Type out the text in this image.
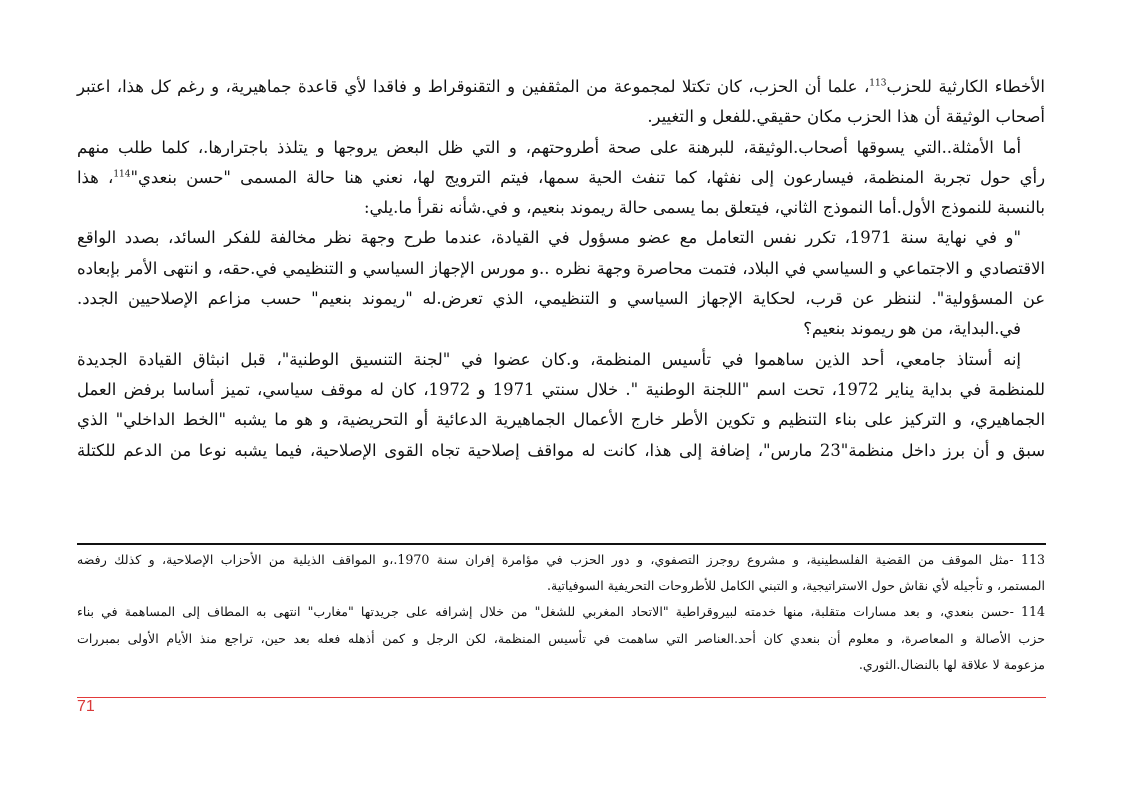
الأخطاء الكارثية للحزب$^{113}$، علما أن الحزب، كان تكتلا لمجموعة من المثقفين و التقنوقراط و فاقدا لأي قاعدة جماهيرية، و رغم كل هذا، اعتبر
أصحاب الوثيقة أن هذا الحزب مكان حقيقي.للفعل و التغيير.
أما الأمثلة..التي يسوقها أصحاب.الوثيقة، للبرهنة على صحة أطروحتهم، و التي ظل البعض يروجها و يتلذذ باجترارها.، كلما طلب منهم
رأي حول تجربة المنظمة، فيسارعون إلى نفثها، كما تنفث الحية سمها، فيتم الترويج لها، نعني هنا حالة المسمى "حسن بنعدي"$^{114}$، هذا
بالنسبة للنموذج الأول.أما النموذج الثاني، فيتعلق بما يسمى حالة ريموند بنعيم، و في.شأنه نقرأ ما.يلي:
"و في نهاية سنة 1971، تكرر نفس التعامل مع عضو مسؤول في القيادة، عندما طرح وجهة نظر مخالفة للفكر السائد، بصدد الواقع
الاقتصادي و الاجتماعي و السياسي في البلاد، فتمت محاصرة وجهة نظره ..و مورس الإجهاز السياسي و التنظيمي في.حقه، و انتهى الأمر بإبعاده
عن المسؤولية". لننظر عن قرب، لحكاية الإجهاز السياسي و التنظيمي، الذي تعرض.له "ريموند بنعيم" حسب مزاعم الإصلاحيين الجدد.
في.البداية، من هو ريموند بنعيم؟
إنه أستاذ جامعي، أحد الذين ساهموا في تأسيس المنظمة، و.كان عضوا في "لجنة التنسيق الوطنية"، قبل انبثاق القيادة الجديدة
للمنظمة في بداية يناير 1972، تحت اسم "اللجنة الوطنية ". خلال سنتي 1971 و 1972، كان له موقف سياسي، تميز أساسا برفض العمل
الجماهيري، و التركيز على بناء التنظيم و تكوين الأطر خارج الأعمال الجماهيرية الدعائية أو التحريضية، و هو ما يشبه "الخط الداخلي" الذي
سبق و أن برز داخل منظمة"23 مارس"، إضافة إلى هذا، كانت له مواقف إصلاحية تجاه القوى الإصلاحية، فيما يشبه نوعا من الدعم للكتلة
113 -مثل الموقف من القضية الفلسطينية، و مشروع روجرز التصفوي، و دور الحزب في مؤامرة إفران سنة 1970.،و المواقف الذيلية من الأحزاب الإصلاحية، و كذلك رفضه
المستمر، و تأجيله لأي نقاش حول الاستراتيجية، و التبني الكامل للأطروحات التحريفية السوفياتية.
114 -حسن بنعدي، و بعد مسارات متقلبة، منها خدمته لبيروقراطية "الاتحاد المغربي للشغل" من خلال إشرافه على جريدتها "مغارب" انتهى به المطاف إلى المساهمة في بناء
حزب الأصالة و المعاصرة، و معلوم أن بنعدي كان أحد.العناصر التي ساهمت في تأسيس المنظمة، لكن الرجل و كمن أذهله فعله بعد حين، تراجع منذ الأيام الأولى بمبررات
مزعومة لا علاقة لها بالنضال.الثوري.
71
